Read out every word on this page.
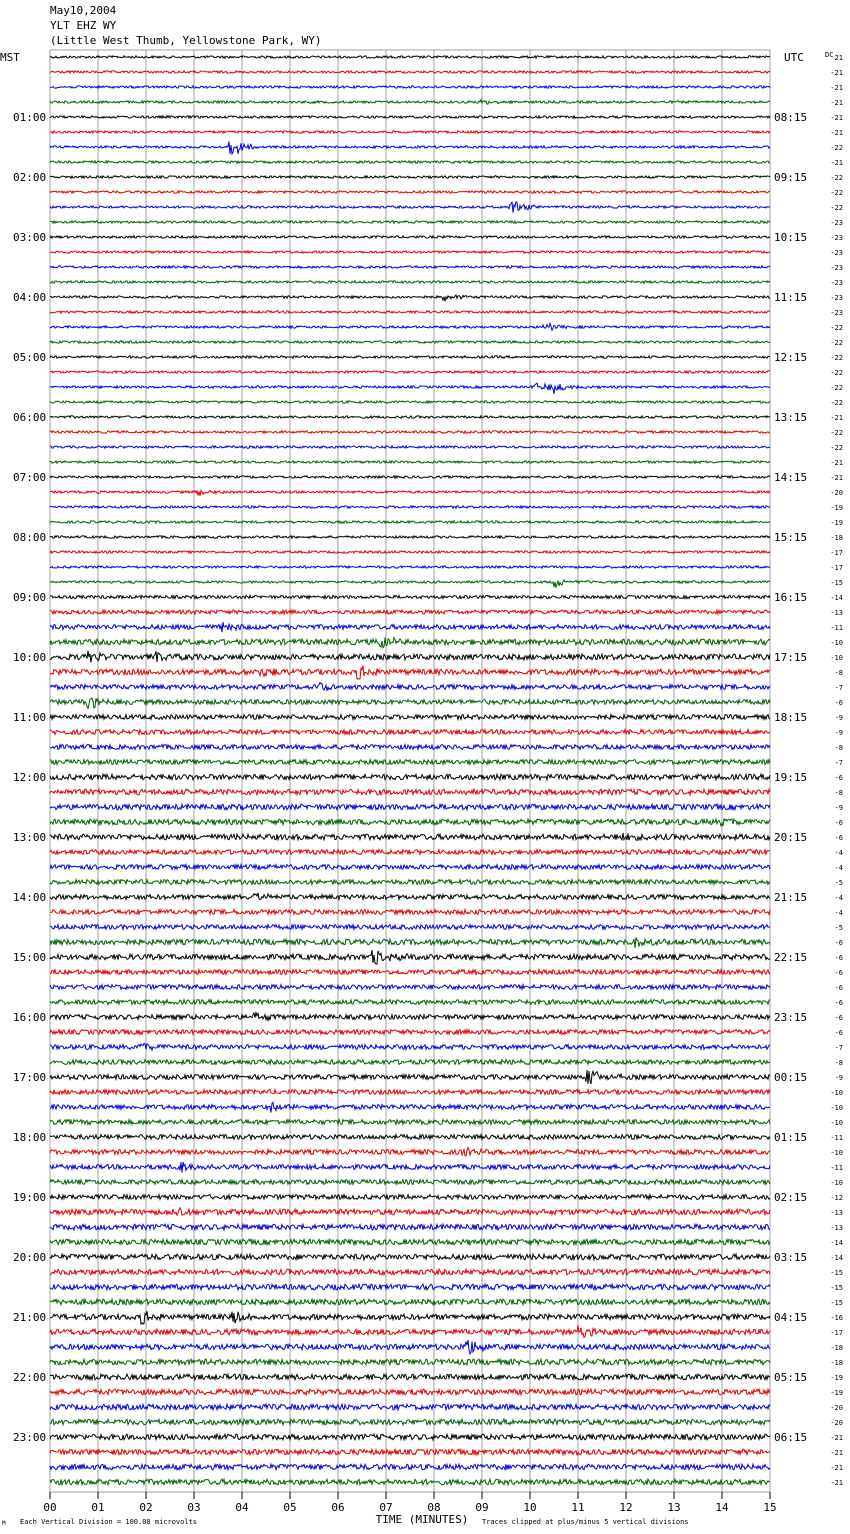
May10,2004
YLT EHZ WY
(Little West Thumb, Yellowstone Park, WY)
00	01	02	03	04	05	06	07	08	09	10	11	12	13	14	15
21
-21
-21
-21
-21
-21
-22
-21
-22
-22
-22
-23
-23
-23
-23
-23
-23
-23
-22
-22
-22
-22
-22
-22
-21
-22
-22
-21
-21
-20
-19
-19
-18
-17
-17
-15
-14
-13
-11
-10
-10
-8
-7
-6
-9
-9
-8
-7
-6
-8
-9
-6
-6
-4
-4
-5
-4
-4
-5
-6
-6
-6
-6
-6
-6
-6
-7
-8
-9
-10
-10
-10
-11
-10
-11
-10
-12
-13
-13
-14
-14
-15
-15
-15
-16
-17
-18
-18
-19
-19
-20
-20
-21
-21
-21
-21
01:00
02:00
03:00
04:00
05:00
06:00
07:00
08:00
09:00
10:00
11:00
12:00
13:00
14:00
15:00
16:00
17:00
18:00
19:00
20:00
21:00
22:00
23:00
08:15
09:15
10:15
11:15
12:15
13:15
14:15
15:15
16:15
17:15
18:15
19:15
20:15
21:15
22:15
23:15
00:15
01:15
02:15
03:15
04:15
05:15
06:15
MST	UTC	DC
TIME (MINUTES)
Each Vertical Division = 100.00 microvolts	Traces clipped at plus/minus 5 vertical divisions
M
